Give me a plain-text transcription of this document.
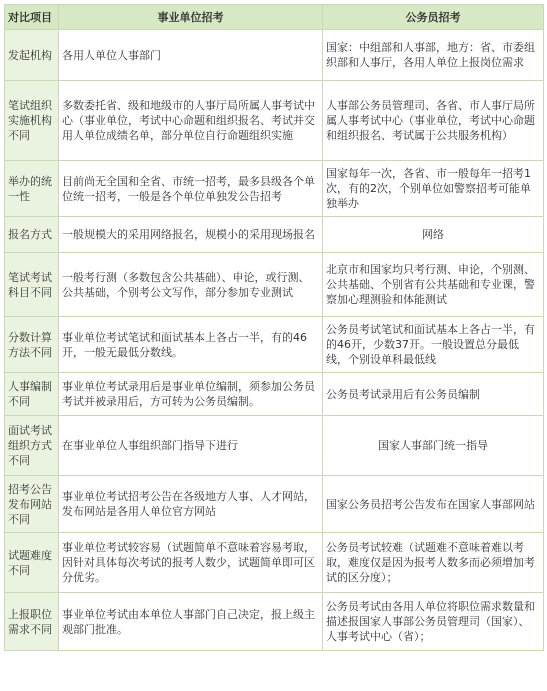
对比项目	事业单位招考	公务员招考
发起机构	各用人单位人事部门	国家：中组部和人事部，地方：省、市委组织部和人事厅，各用人单位上报岗位需求
笔试组织实施机构不同	多数委托省、级和地级市的人事厅局所属人事考试中心（事业单位，考试中心命题和组织报名、考试并交用人单位成绩名单，部分单位自行命题组织实施	人事部公务员管理司、各省、市人事厅局所属人事考试中心（事业单位，考试中心命题和组织报名、考试属于公共服务机构）
举办的统一性	目前尚无全国和全省、市统一招考，最多县级各个单位统一招考，一般是各个单位单独发公告招考	国家每年一次，各省、市一般每年一招考1次，有的2次，个别单位如警察招考可能单独举办
报名方式	一般规模大的采用网络报名，规模小的采用现场报名	网络
笔试考试科目不同	一般考行测（多数包含公共基础）、申论，或行测、公共基础，个别考公文写作，部分参加专业测试	北京市和国家均只考行测、申论，个别测、公共基础、个别省有公共基础和专业课，警察加心理测验和体能测试
分数计算方法不同	事业单位考试笔试和面试基本上各占一半，有的46开，一般无最低分数线。	公务员考试笔试和面试基本上各占一半，有的46开，少数37开。一般设置总分最低线，个别设单科最低线
人事编制不同	事业单位考试录用后是事业单位编制，须参加公务员考试并被录用后，方可转为公务员编制。	公务员考试录用后有公务员编制
面试考试组织方式不同	在事业单位人事组织部门指导下进行	国家人事部门统一指导
招考公告发布网站不同	事业单位考试招考公告在各级地方人事、人才网站，发布网站是各用人单位官方网站	国家公务员招考公告发布在国家人事部网站
试题难度不同	事业单位考试较容易（试题简单不意味着容易考取，因针对具体每次考试的报考人数少，试题简单即可区分优劣。	公务员考试较难（试题难不意味着难以考取，难度仅是因为报考人数多而必须增加考试的区分度）；
上报职位需求不同	事业单位考试由本单位人事部门自己决定，报上级主观部门批准。	公务员考试由各用人单位将职位需求数量和描述报国家人事部公务员管理司（国家）、人事考试中心（省）；
